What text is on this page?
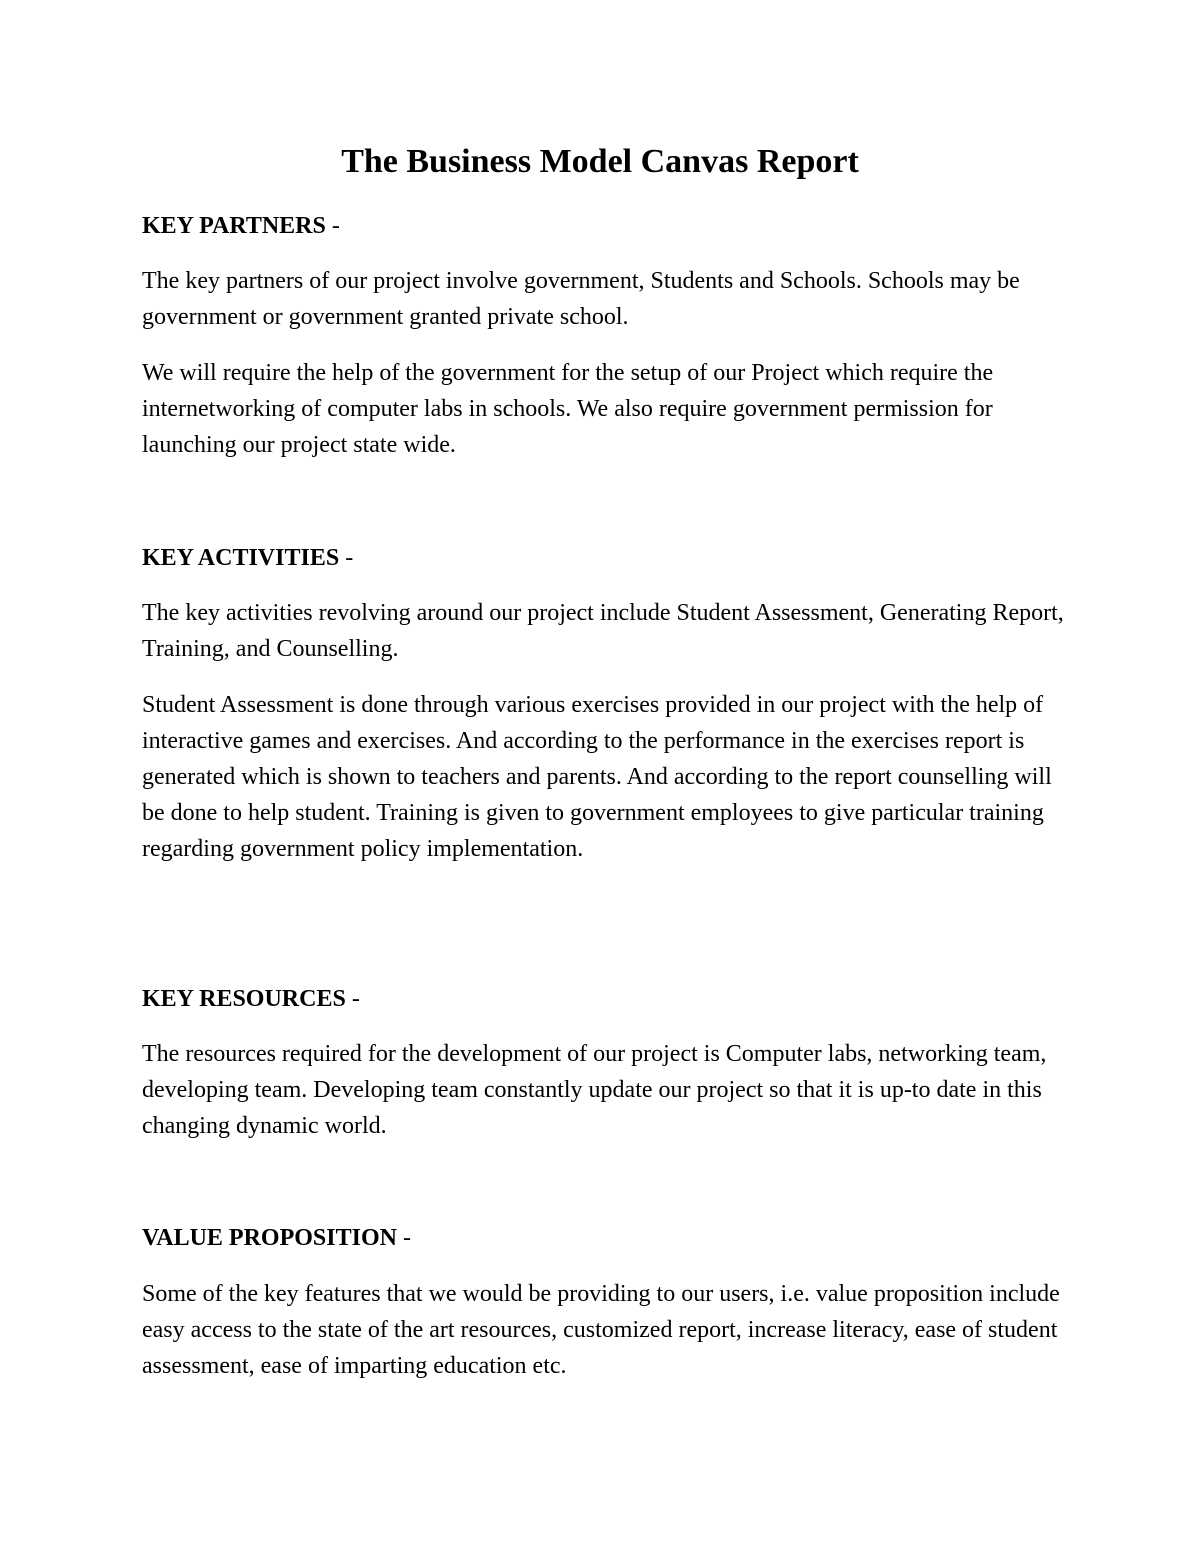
The Business Model Canvas Report

KEY PARTNERS -

The key partners of our project involve government, Students and Schools. Schools may be government or government granted private school.

We will require the help of the government for the setup of our Project which require the internetworking of computer labs in schools. We also require government permission for launching our project state wide.

KEY ACTIVITIES -

The key activities revolving around our project include Student Assessment, Generating Report, Training, and Counselling.

Student Assessment is done through various exercises provided in our project with the help of interactive games and exercises. And according to the performance in the exercises report is generated which is shown to teachers and parents. And according to the report counselling will be done to help student. Training is given to government employees to give particular training regarding government policy implementation.

KEY RESOURCES -

The resources required for the development of our project is Computer labs, networking team, developing team. Developing team constantly update our project so that it is up-to date in this changing dynamic world.

VALUE PROPOSITION -

Some of the key features that we would be providing to our users, i.e. value proposition include easy access to the state of the art resources, customized report, increase literacy, ease of student assessment, ease of imparting education etc.
